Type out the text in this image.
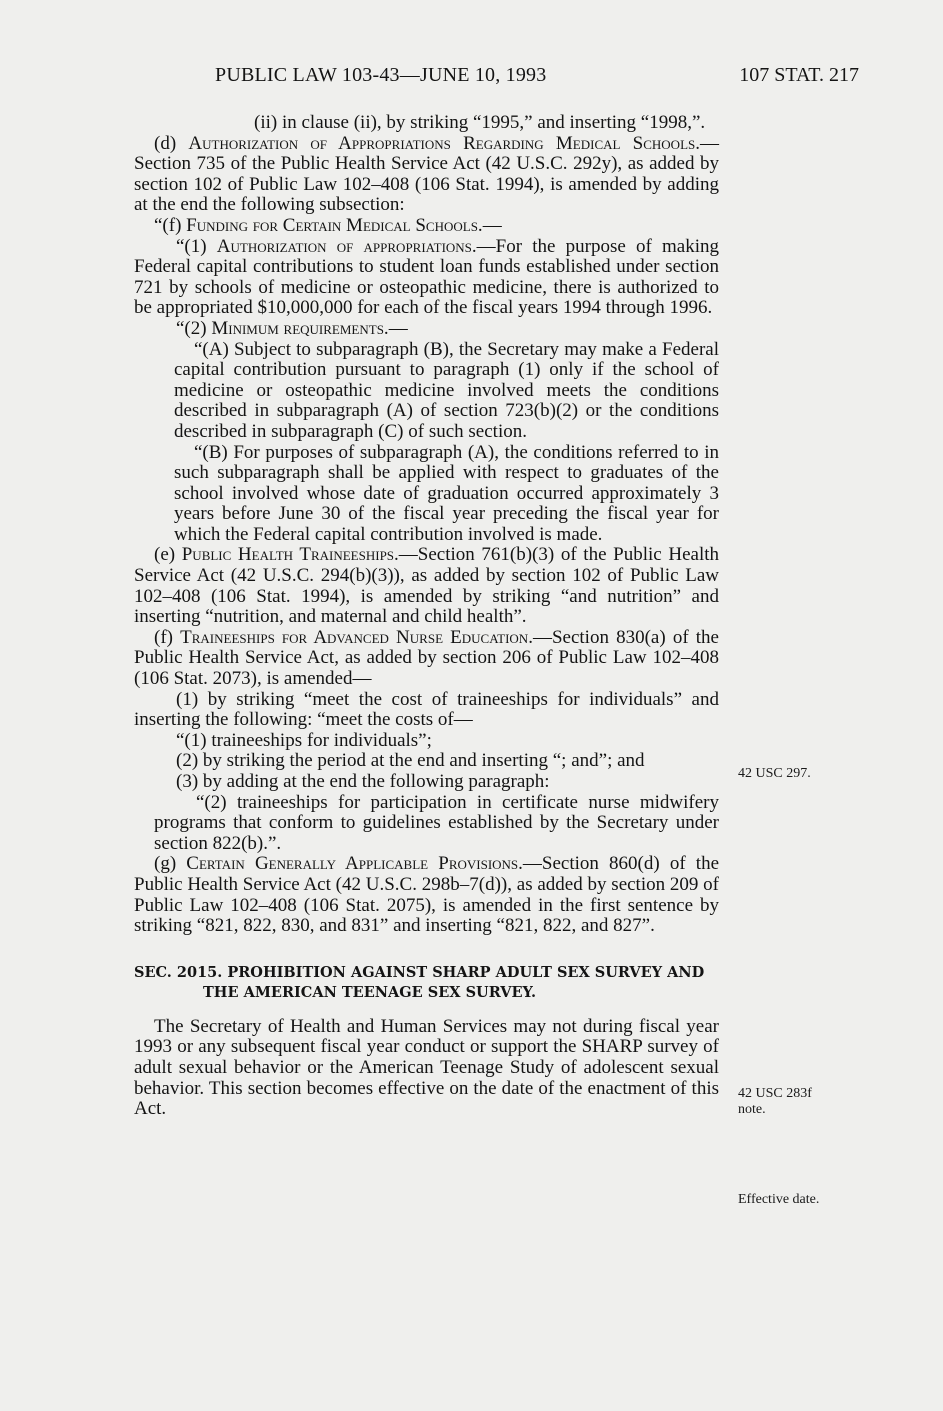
PUBLIC LAW 103-43—JUNE 10, 1993	107 STAT. 217

(ii) in clause (ii), by striking “1995,” and inserting “1998,”.

(d) Authorization of Appropriations Regarding Medical Schools.—Section 735 of the Public Health Service Act (42 U.S.C. 292y), as added by section 102 of Public Law 102–408 (106 Stat. 1994), is amended by adding at the end the following subsection:

“(f) Funding for Certain Medical Schools.—

“(1) Authorization of appropriations.—For the purpose of making Federal capital contributions to student loan funds established under section 721 by schools of medicine or osteopathic medicine, there is authorized to be appropriated $10,000,000 for each of the fiscal years 1994 through 1996.

“(2) Minimum requirements.—

“(A) Subject to subparagraph (B), the Secretary may make a Federal capital contribution pursuant to paragraph (1) only if the school of medicine or osteopathic medicine involved meets the conditions described in subparagraph (A) of section 723(b)(2) or the conditions described in subparagraph (C) of such section.

“(B) For purposes of subparagraph (A), the conditions referred to in such subparagraph shall be applied with respect to graduates of the school involved whose date of graduation occurred approximately 3 years before June 30 of the fiscal year preceding the fiscal year for which the Federal capital contribution involved is made.

(e) Public Health Traineeships.—Section 761(b)(3) of the Public Health Service Act (42 U.S.C. 294(b)(3)), as added by section 102 of Public Law 102–408 (106 Stat. 1994), is amended by striking “and nutrition” and inserting “nutrition, and maternal and child health”.

(f) Traineeships for Advanced Nurse Education.—Section 830(a) of the Public Health Service Act, as added by section 206 of Public Law 102–408 (106 Stat. 2073), is amended—

(1) by striking “meet the cost of traineeships for individuals” and inserting the following: “meet the costs of—

“(1) traineeships for individuals”;

(2) by striking the period at the end and inserting “; and”; and

(3) by adding at the end the following paragraph:

“(2) traineeships for participation in certificate nurse midwifery programs that conform to guidelines established by the Secretary under section 822(b).”.

(g) Certain Generally Applicable Provisions.—Section 860(d) of the Public Health Service Act (42 U.S.C. 298b–7(d)), as added by section 209 of Public Law 102–408 (106 Stat. 2075), is amended in the first sentence by striking “821, 822, 830, and 831” and inserting “821, 822, and 827”.

SEC. 2015. PROHIBITION AGAINST SHARP ADULT SEX SURVEY AND THE AMERICAN TEENAGE SEX SURVEY.

The Secretary of Health and Human Services may not during fiscal year 1993 or any subsequent fiscal year conduct or support the SHARP survey of adult sexual behavior or the American Teenage Study of adolescent sexual behavior. This section becomes effective on the date of the enactment of this Act.

42 USC 297.
42 USC 283f
note.
Effective date.
